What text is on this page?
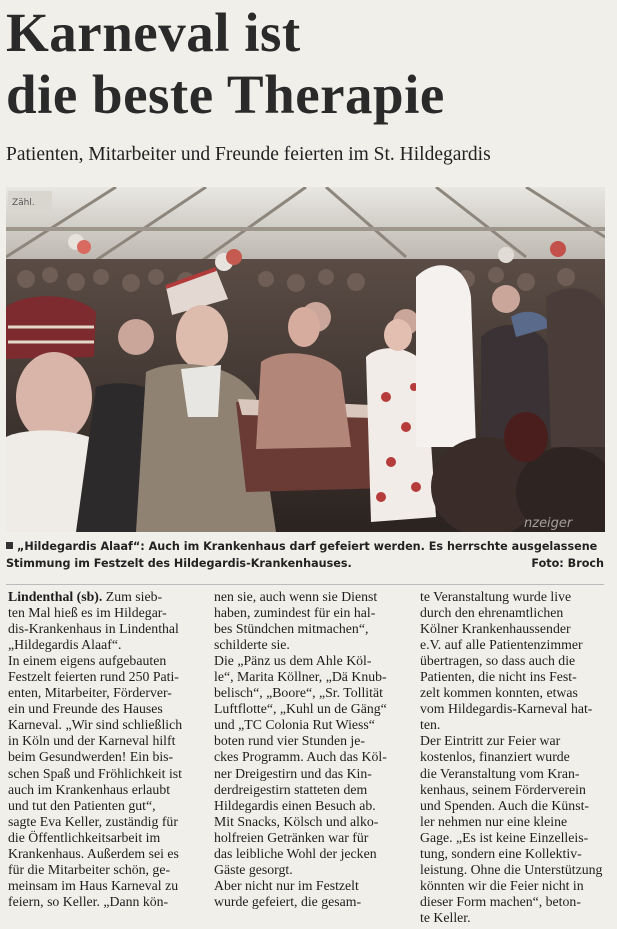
Karneval ist
die beste Therapie
Patienten, Mitarbeiter und Freunde feierten im St. Hildegardis
Zähl.
nzeiger
„Hildegardis Alaaf“: Auch im Krankenhaus darf gefeiert werden. Es herrschte ausgelassene
Stimmung im Festzelt des Hildegardis-Krankenhauses.	Foto: Broch

Lindenthal (sb). Zum sieb-

ten Mal hieß es im Hildegar-

dis-Krankenhaus in Lindenthal

„Hildegardis Alaaf“.

In einem eigens aufgebauten

Festzelt feierten rund 250 Pati-

enten, Mitarbeiter, Förderver-

ein und Freunde des Hauses

Karneval. „Wir sind schließlich

in Köln und der Karneval hilft

beim Gesundwerden! Ein bis-

schen Spaß und Fröhlichkeit ist

auch im Krankenhaus erlaubt

und tut den Patienten gut“,

sagte Eva Keller, zuständig für

die Öffentlichkeitsarbeit im

Krankenhaus. Außerdem sei es

für die Mitarbeiter schön, ge-

meinsam im Haus Karneval zu

feiern, so Keller. „Dann kön-

nen sie, auch wenn sie Dienst

haben, zumindest für ein hal-

bes Stündchen mitmachen“,

schilderte sie.

Die „Pänz us dem Ahle Köl-

le“, Marita Köllner, „Dä Knub-

belisch“, „Boore“, „Sr. Tollität

Luftflotte“, „Kuhl un de Gäng“

und „TC Colonia Rut Wiess“

boten rund vier Stunden je-

ckes Programm. Auch das Köl-

ner Dreigestirn und das Kin-

derdreigestirn statteten dem

Hildegardis einen Besuch ab.

Mit Snacks, Kölsch und alko-

holfreien Getränken war für

das leibliche Wohl der jecken

Gäste gesorgt.

Aber nicht nur im Festzelt

wurde gefeiert, die gesam-

te Veranstaltung wurde live

durch den ehrenamtlichen

Kölner Krankenhaussender

e.V. auf alle Patientenzimmer

übertragen, so dass auch die

Patienten, die nicht ins Fest-

zelt kommen konnten, etwas

vom Hildegardis-Karneval hat-

ten.

Der Eintritt zur Feier war

kostenlos, finanziert wurde

die Veranstaltung vom Kran-

kenhaus, seinem Förderverein

und Spenden. Auch die Künst-

ler nehmen nur eine kleine

Gage. „Es ist keine Einzelleis-

tung, sondern eine Kollektiv-

leistung. Ohne die Unterstützung

könnten wir die Feier nicht in

dieser Form machen“, beton-

te Keller.
